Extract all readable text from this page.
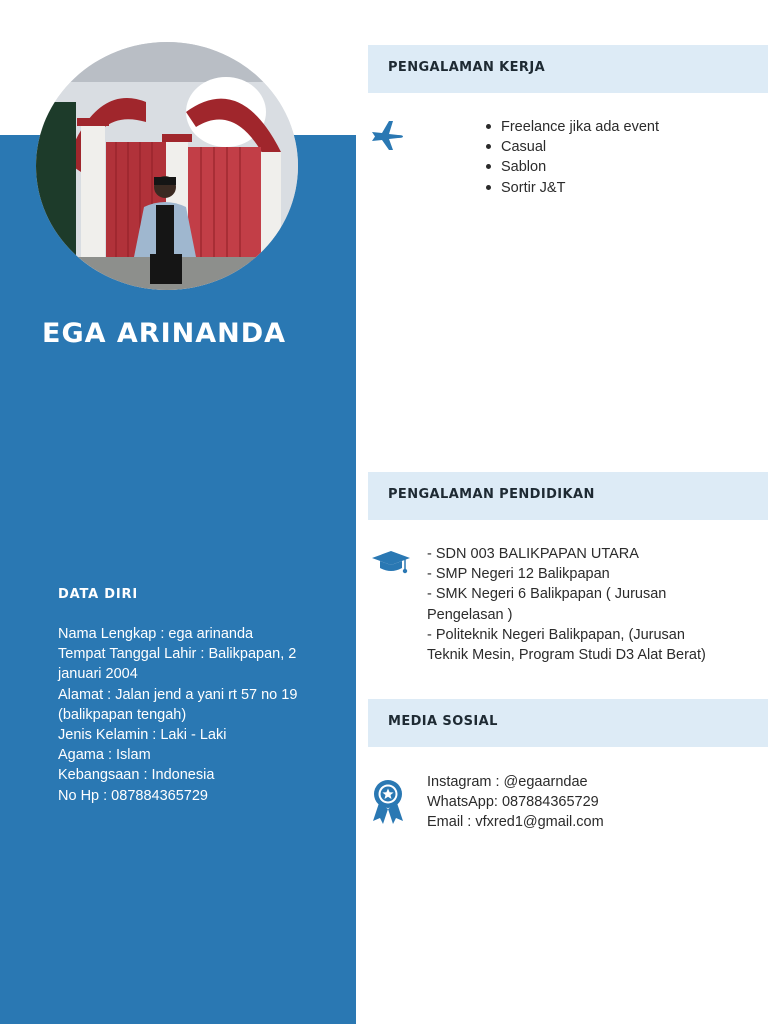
EGA ARINANDA
DATA DIRI
Nama Lengkap : ega arinanda
Tempat Tanggal Lahir : Balikpapan, 2 januari 2004
Alamat : Jalan jend a yani rt 57 no 19 (balikpapan tengah)
Jenis Kelamin : Laki - Laki
Agama : Islam
Kebangsaan : Indonesia
No Hp : 087884365729
PENGALAMAN KERJA
Freelance jika ada event
Casual
Sablon
Sortir J&T
PENGALAMAN PENDIDIKAN
- SDN 003 BALIKPAPAN UTARA
- SMP Negeri 12 Balikpapan
- SMK Negeri 6 Balikpapan ( Jurusan Pengelasan )
- Politeknik Negeri Balikpapan, (Jurusan Teknik Mesin, Program Studi D3 Alat Berat)
MEDIA SOSIAL
Instagram : @egaarndae
WhatsApp: 087884365729
Email : vfxred1@gmail.com
